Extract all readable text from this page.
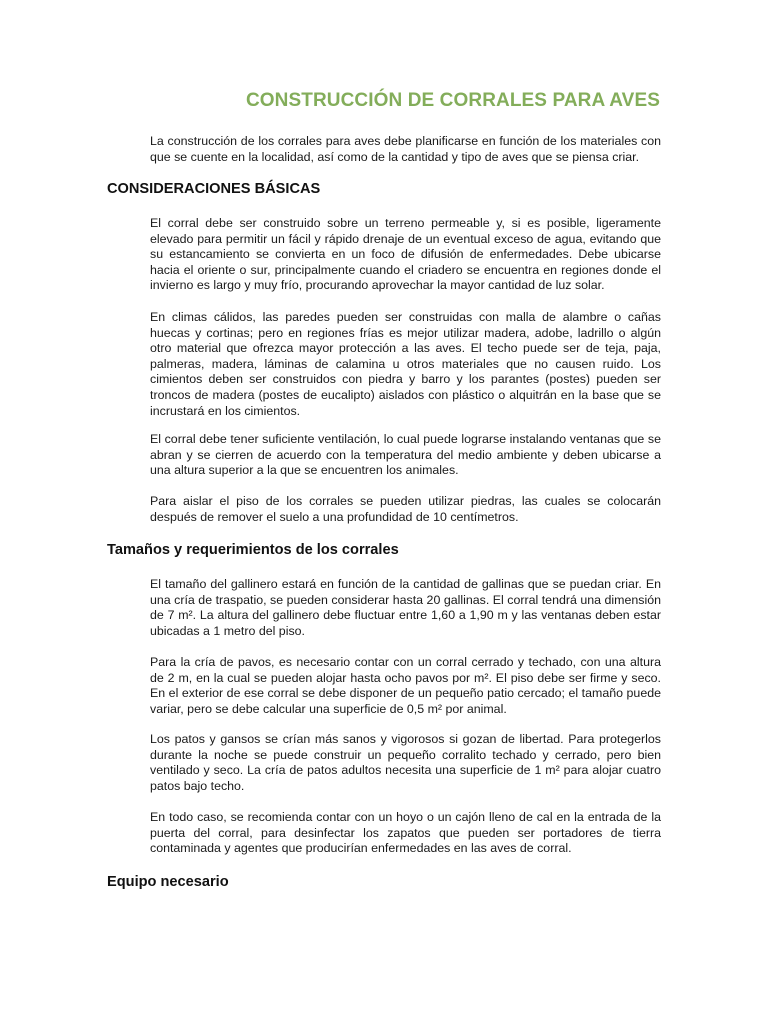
CONSTRUCCIÓN DE CORRALES PARA AVES

La construcción de los corrales para aves debe planificarse en función de los materiales con que se cuente en la localidad, así como de la cantidad y tipo de aves que se piensa criar.

CONSIDERACIONES BÁSICAS

El corral debe ser construido sobre un terreno permeable y, si es posible, ligeramente elevado para permitir un fácil y rápido drenaje de un eventual exceso de agua, evitando que su estancamiento se convierta en un foco de difusión de enfermedades. Debe ubicarse hacia el oriente o sur, principalmente cuando el criadero se encuentra en regiones donde el invierno es largo y muy frío, procurando aprovechar la mayor cantidad de luz solar.

En climas cálidos, las paredes pueden ser construidas con malla de alambre o cañas huecas y cortinas; pero en regiones frías es mejor utilizar madera, adobe, ladrillo o algún otro material que ofrezca mayor protección a las aves. El techo puede ser de teja, paja, palmeras, madera, láminas de calamina u otros materiales que no causen ruido. Los cimientos deben ser construidos con piedra y barro y los parantes (postes) pueden ser troncos de madera (postes de eucalipto) aislados con plástico o alquitrán en la base que se incrustará en los cimientos.

El corral debe tener suficiente ventilación, lo cual puede lograrse instalando ventanas que se abran y se cierren de acuerdo con la temperatura del medio ambiente y deben ubicarse a una altura superior a la que se encuentren los animales.

Para aislar el piso de los corrales se pueden utilizar piedras, las cuales se colocarán después de remover el suelo a una profundidad de 10 centímetros.

Tamaños y requerimientos de los corrales

El tamaño del gallinero estará en función de la cantidad de gallinas que se puedan criar. En una cría de traspatio, se pueden considerar hasta 20 gallinas. El corral tendrá una dimensión de 7 m². La altura del gallinero debe fluctuar entre 1,60 a 1,90 m y las ventanas deben estar ubicadas a 1 metro del piso.

Para la cría de pavos, es necesario contar con un corral cerrado y techado, con una altura de 2 m, en la cual se pueden alojar hasta ocho pavos por m². El piso debe ser firme y seco. En el exterior de ese corral se debe disponer de un pequeño patio cercado; el tamaño puede variar, pero se debe calcular una superficie de 0,5 m² por animal.

Los patos y gansos se crían más sanos y vigorosos si gozan de libertad. Para protegerlos durante la noche se puede construir un pequeño corralito techado y cerrado, pero bien ventilado y seco. La cría de patos adultos necesita una superficie de 1 m² para alojar cuatro patos bajo techo.

En todo caso, se recomienda contar con un hoyo o un cajón lleno de cal en la entrada de la puerta del corral, para desinfectar los zapatos que pueden ser portadores de tierra contaminada y agentes que producirían enfermedades en las aves de corral.

Equipo necesario
